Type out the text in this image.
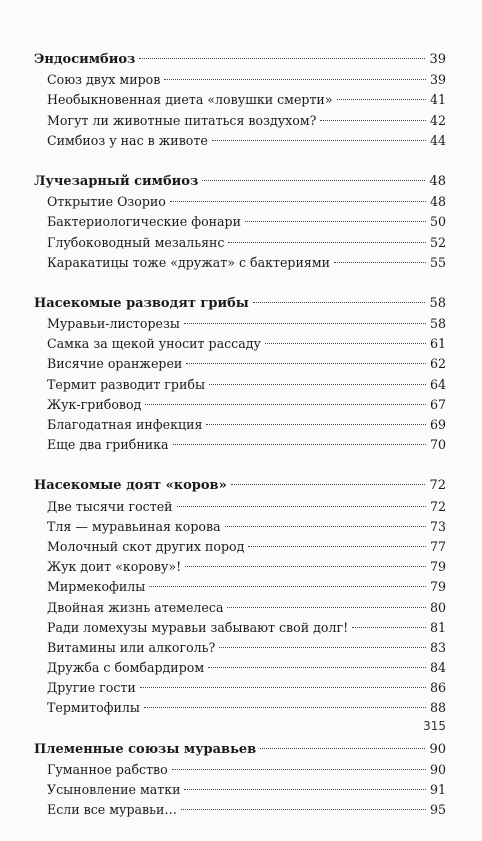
Эндосимбиоз	39
Союз двух миров	39
Необыкновенная диета «ловушки смерти»	41
Могут ли животные питаться воздухом?	42
Симбиоз у нас в животе	44
Лучезарный симбиоз	48
Открытие Озорио	48
Бактериологические фонари	50
Глубоководный мезальянс	52
Каракатицы тоже «дружат» с бактериями	55
Насекомые разводят грибы	58
Муравьи-листорезы	58
Самка за щекой уносит рассаду	61
Висячие оранжереи	62
Термит разводит грибы	64
Жук-грибовод	67
Благодатная инфекция	69
Еще два грибника	70
Насекомые доят «коров»	72
Две тысячи гостей	72
Тля — муравьиная корова	73
Молочный скот других пород	77
Жук доит «корову»!	79
Мирмекофилы	79
Двойная жизнь атемелеса	80
Ради ломехузы муравьи забывают свой долг!	81
Витамины или алкоголь?	83
Дружба с бомбардиром	84
Другие гости	86
Термитофилы	88
Племенные союзы муравьев	90
Гуманное рабство	90
Усыновление матки	91
Если все муравьи…	95
315
